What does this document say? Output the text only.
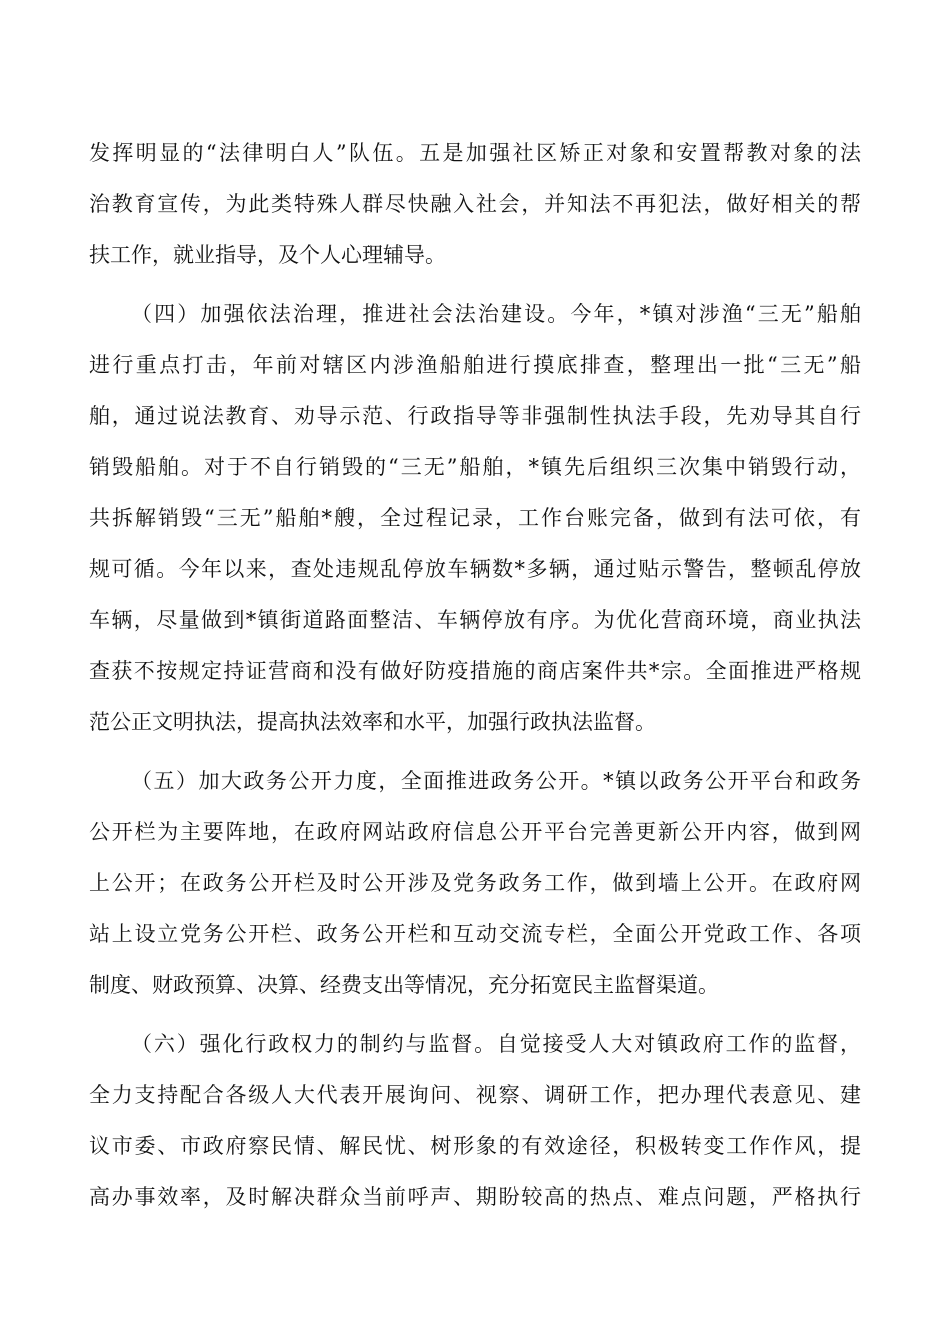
发挥明显的“法律明白人”队伍。五是加强社区矫正对象和安置帮教对象的法
治教育宣传，为此类特殊人群尽快融入社会，并知法不再犯法，做好相关的帮
扶工作，就业指导，及个人心理辅导。
（四）加强依法治理，推进社会法治建设。今年，*镇对涉渔“三无”船舶
进行重点打击，年前对辖区内涉渔船舶进行摸底排查，整理出一批“三无”船
舶，通过说法教育、劝导示范、行政指导等非强制性执法手段，先劝导其自行
销毁船舶。对于不自行销毁的“三无”船舶，*镇先后组织三次集中销毁行动，
共拆解销毁“三无”船舶*艘，全过程记录，工作台账完备，做到有法可依，有
规可循。今年以来，查处违规乱停放车辆数*多辆，通过贴示警告，整顿乱停放
车辆，尽量做到*镇街道路面整洁、车辆停放有序。为优化营商环境，商业执法
查获不按规定持证营商和没有做好防疫措施的商店案件共*宗。全面推进严格规
范公正文明执法，提高执法效率和水平，加强行政执法监督。
（五）加大政务公开力度，全面推进政务公开。*镇以政务公开平台和政务
公开栏为主要阵地，在政府网站政府信息公开平台完善更新公开内容，做到网
上公开；在政务公开栏及时公开涉及党务政务工作，做到墙上公开。在政府网
站上设立党务公开栏、政务公开栏和互动交流专栏，全面公开党政工作、各项
制度、财政预算、决算、经费支出等情况，充分拓宽民主监督渠道。
（六）强化行政权力的制约与监督。自觉接受人大对镇政府工作的监督，
全力支持配合各级人大代表开展询问、视察、调研工作，把办理代表意见、建
议市委、市政府察民情、解民忧、树形象的有效途径，积极转变工作作风，提
高办事效率，及时解决群众当前呼声、期盼较高的热点、难点问题，严格执行
